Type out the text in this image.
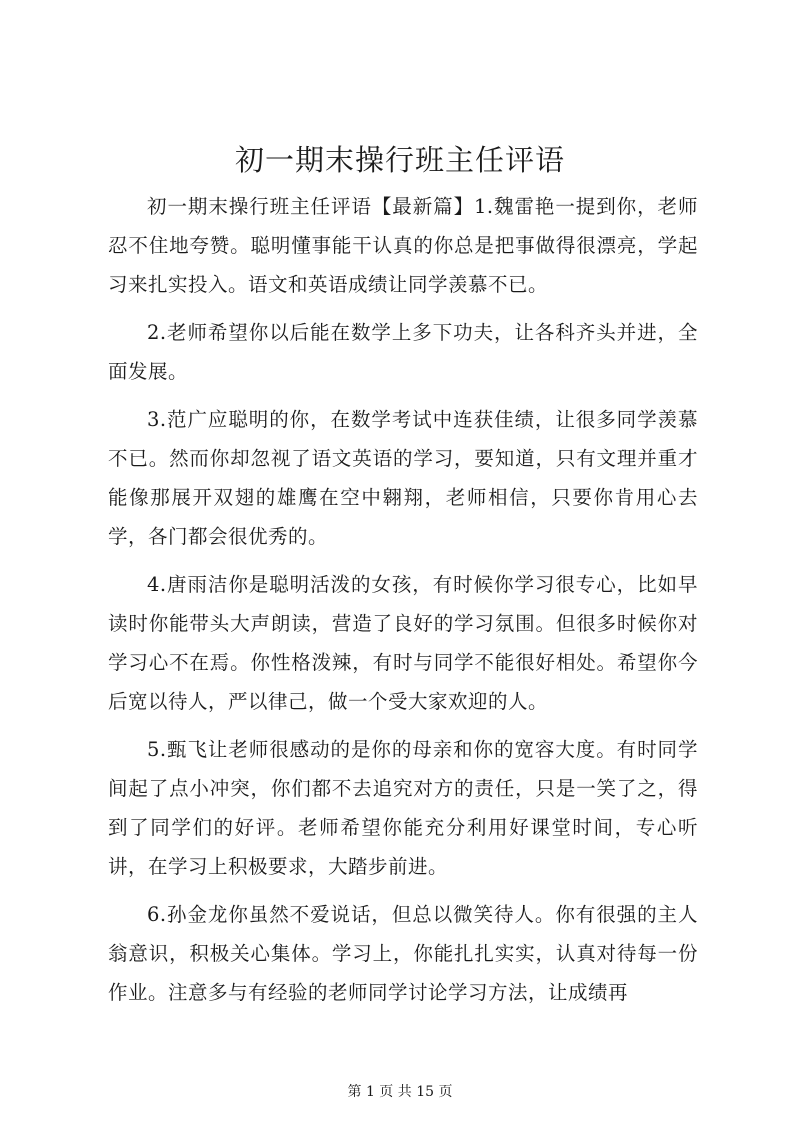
初一期末操行班主任评语

初一期末操行班主任评语【最新篇】1.魏雷艳一提到你，老师忍不住地夸赞。聪明懂事能干认真的你总是把事做得很漂亮，学起习来扎实投入。语文和英语成绩让同学羡慕不已。

2.老师希望你以后能在数学上多下功夫，让各科齐头并进，全面发展。

3.范广应聪明的你，在数学考试中连获佳绩，让很多同学羡慕不已。然而你却忽视了语文英语的学习，要知道，只有文理并重才能像那展开双翅的雄鹰在空中翱翔，老师相信，只要你肯用心去学，各门都会很优秀的。

4.唐雨洁你是聪明活泼的女孩，有时候你学习很专心，比如早读时你能带头大声朗读，营造了良好的学习氛围。但很多时候你对学习心不在焉。你性格泼辣，有时与同学不能很好相处。希望你今后宽以待人，严以律己，做一个受大家欢迎的人。

5.甄飞让老师很感动的是你的母亲和你的宽容大度。有时同学间起了点小冲突，你们都不去追究对方的责任，只是一笑了之，得到了同学们的好评。老师希望你能充分利用好课堂时间，专心听讲，在学习上积极要求，大踏步前进。

6.孙金龙你虽然不爱说话，但总以微笑待人。你有很强的主人翁意识，积极关心集体。学习上，你能扎扎实实，认真对待每一份作业。注意多与有经验的老师同学讨论学习方法，让成绩再

第 1 页 共 15 页
